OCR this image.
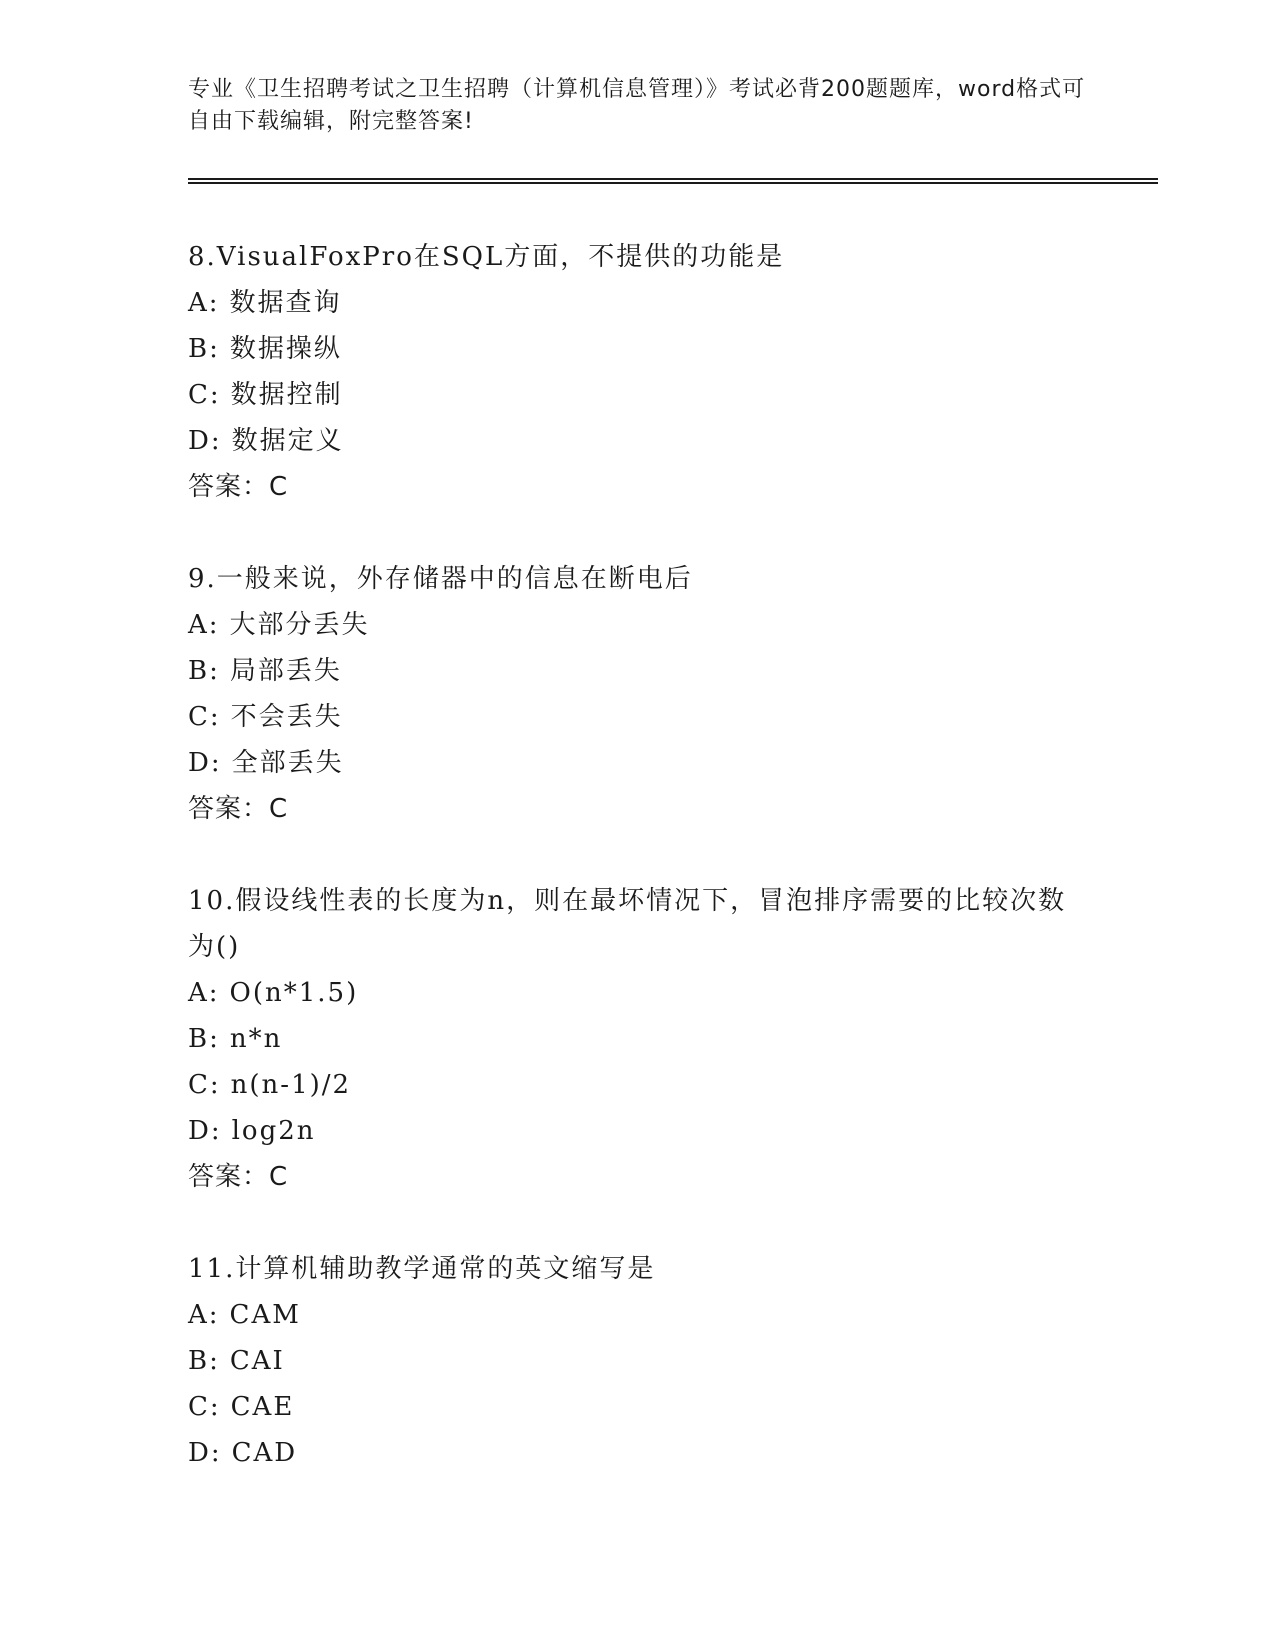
专业《卫生招聘考试之卫生招聘（计算机信息管理）》考试必背200题题库，word格式可自由下载编辑，附完整答案!
8.VisualFoxPro在SQL方面，不提供的功能是
A: 数据查询
B: 数据操纵
C: 数据控制
D: 数据定义
答案：C
9.一般来说，外存储器中的信息在断电后
A: 大部分丢失
B: 局部丢失
C: 不会丢失
D: 全部丢失
答案：C
10.假设线性表的长度为n，则在最坏情况下，冒泡排序需要的比较次数为()
A: O(n*1.5)
B: n*n
C: n(n-1)/2
D: log2n
答案：C
11.计算机辅助教学通常的英文缩写是
A: CAM
B: CAI
C: CAE
D: CAD
